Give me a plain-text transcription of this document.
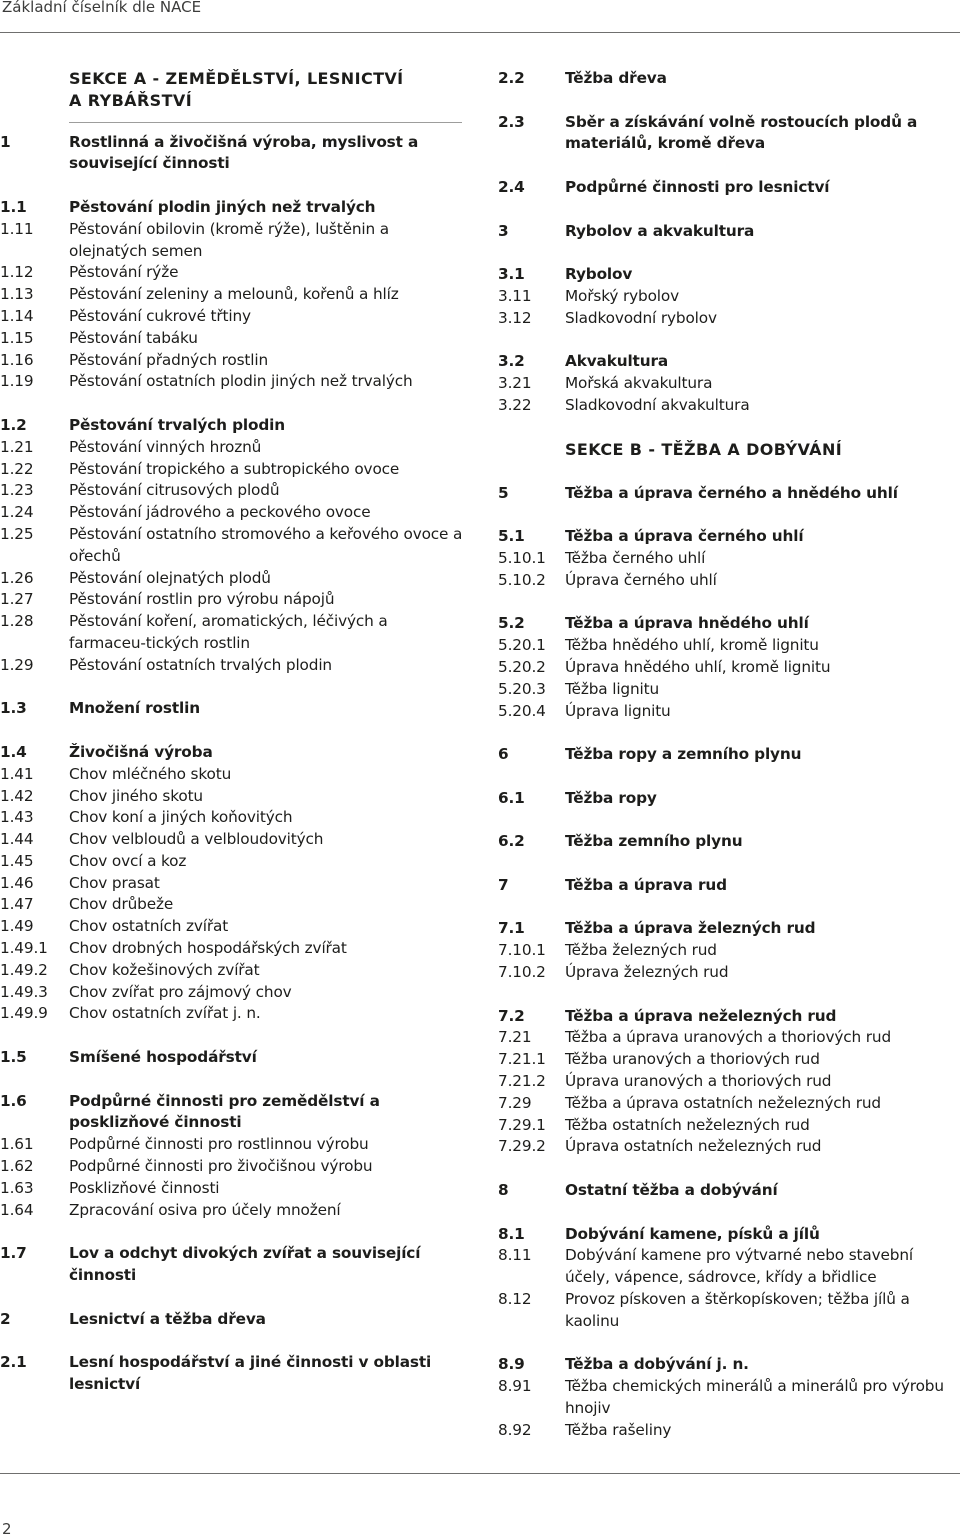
Základní číselník dle NACE
SEKCE A - ZEMĚDĚLSTVÍ, LESNICTVÍ
A RYBÁŘSTVÍ
1	Rostlinná a živočišná výroba, myslivost a související činnosti
1.1	Pěstování plodin jiných než trvalých
1.11	Pěstování obilovin (kromě rýže), luštěnin a olejnatých semen
1.12	Pěstování rýže
1.13	Pěstování zeleniny a melounů, kořenů a hlíz
1.14	Pěstování cukrové třtiny
1.15	Pěstování tabáku
1.16	Pěstování přadných rostlin
1.19	Pěstování ostatních plodin jiných než trvalých
1.2	Pěstování trvalých plodin
1.21	Pěstování vinných hroznů
1.22	Pěstování tropického a subtropického ovoce
1.23	Pěstování citrusových plodů
1.24	Pěstování jádrového a peckového ovoce
1.25	Pěstování ostatního stromového a keřového ovoce a ořechů
1.26	Pěstování olejnatých plodů
1.27	Pěstování rostlin pro výrobu nápojů
1.28	Pěstování koření, aromatických, léčivých a farmaceu-tických rostlin
1.29	Pěstování ostatních trvalých plodin
1.3	Množení rostlin
1.4	Živočišná výroba
1.41	Chov mléčného skotu
1.42	Chov jiného skotu
1.43	Chov koní a jiných koňovitých
1.44	Chov velbloudů a velbloudovitých
1.45	Chov ovcí a koz
1.46	Chov prasat
1.47	Chov drůbeže
1.49	Chov ostatních zvířat
1.49.1	Chov drobných hospodářských zvířat
1.49.2	Chov kožešinových zvířat
1.49.3	Chov zvířat pro zájmový chov
1.49.9	Chov ostatních zvířat j. n.
1.5	Smíšené hospodářství
1.6	Podpůrné činnosti pro zemědělství a posklizňové činnosti
1.61	Podpůrné činnosti pro rostlinnou výrobu
1.62	Podpůrné činnosti pro živočišnou výrobu
1.63	Posklizňové činnosti
1.64	Zpracování osiva pro účely množení
1.7	Lov a odchyt divokých zvířat a související činnosti
2	Lesnictví a těžba dřeva
2.1	Lesní hospodářství a jiné činnosti v oblasti lesnictví
2.2	Těžba dřeva
2.3	Sběr a získávání volně rostoucích plodů a materiálů, kromě dřeva
2.4	Podpůrné činnosti pro lesnictví
3	Rybolov a akvakultura
3.1	Rybolov
3.11	Mořský rybolov
3.12	Sladkovodní rybolov
3.2	Akvakultura
3.21	Mořská akvakultura
3.22	Sladkovodní akvakultura
SEKCE B - TĚŽBA A DOBÝVÁNÍ
5	Těžba a úprava černého a hnědého uhlí
5.1	Těžba a úprava černého uhlí
5.10.1	Těžba černého uhlí
5.10.2	Úprava černého uhlí
5.2	Těžba a úprava hnědého uhlí
5.20.1	Těžba hnědého uhlí, kromě lignitu
5.20.2	Úprava hnědého uhlí, kromě lignitu
5.20.3	Těžba lignitu
5.20.4	Úprava lignitu
6	Těžba ropy a zemního plynu
6.1	Těžba ropy
6.2	Těžba zemního plynu
7	Těžba a úprava rud
7.1	Těžba a úprava železných rud
7.10.1	Těžba železných rud
7.10.2	Úprava železných rud
7.2	Těžba a úprava neželezných rud
7.21	Těžba a úprava uranových a thoriových rud
7.21.1	Těžba uranových a thoriových rud
7.21.2	Úprava uranových a thoriových rud
7.29	Těžba a úprava ostatních neželezných rud
7.29.1	Těžba ostatních neželezných rud
7.29.2	Úprava ostatních neželezných rud
8	Ostatní těžba a dobývání
8.1	Dobývání kamene, písků a jílů
8.11	Dobývání kamene pro výtvarné nebo stavební účely, vápence, sádrovce, křídy a břidlice
8.12	Provoz pískoven a štěrkopískoven; těžba jílů a kaolinu
8.9	Těžba a dobývání j. n.
8.91	Těžba chemických minerálů a minerálů pro výrobu hnojiv
8.92	Těžba rašeliny
2
